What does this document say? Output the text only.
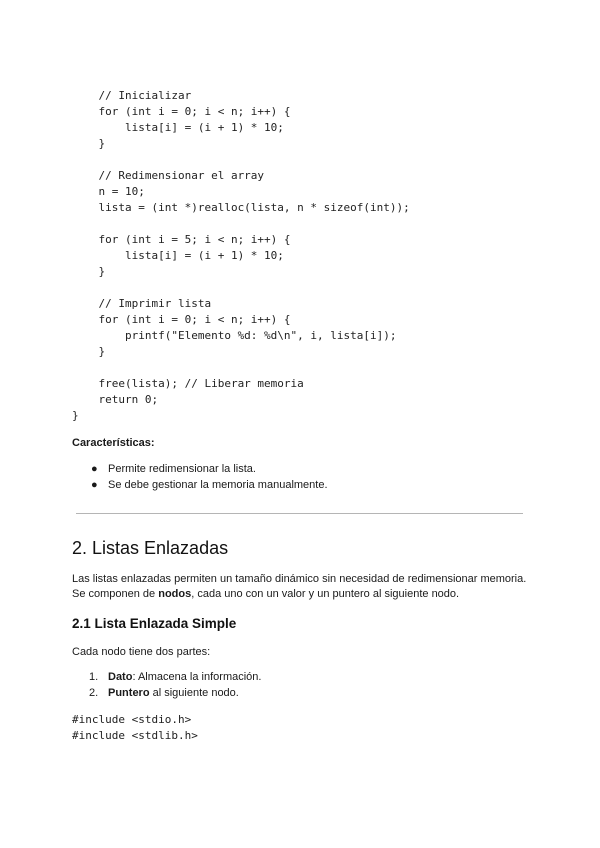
// Inicializar
for (int i = 0; i < n; i++) {
lista[i] = (i + 1) * 10;
}
// Redimensionar el array
n = 10;
lista = (int *)realloc(lista, n * sizeof(int));
for (int i = 5; i < n; i++) {
lista[i] = (i + 1) * 10;
}
// Imprimir lista
for (int i = 0; i < n; i++) {
printf("Elemento %d: %d\n", i, lista[i]);
}
free(lista); // Liberar memoria
return 0;
}

Características:

● Permite redimensionar la lista.
● Se debe gestionar la memoria manualmente.
2. Listas Enlazadas

Las listas enlazadas permiten un tamaño dinámico sin necesidad de redimensionar memoria. Se componen de nodos, cada uno con un valor y un puntero al siguiente nodo.

2.1 Lista Enlazada Simple

Cada nodo tiene dos partes:

1. Dato: Almacena la información.
2. Puntero al siguiente nodo.
#include <stdio.h>
#include <stdlib.h>
